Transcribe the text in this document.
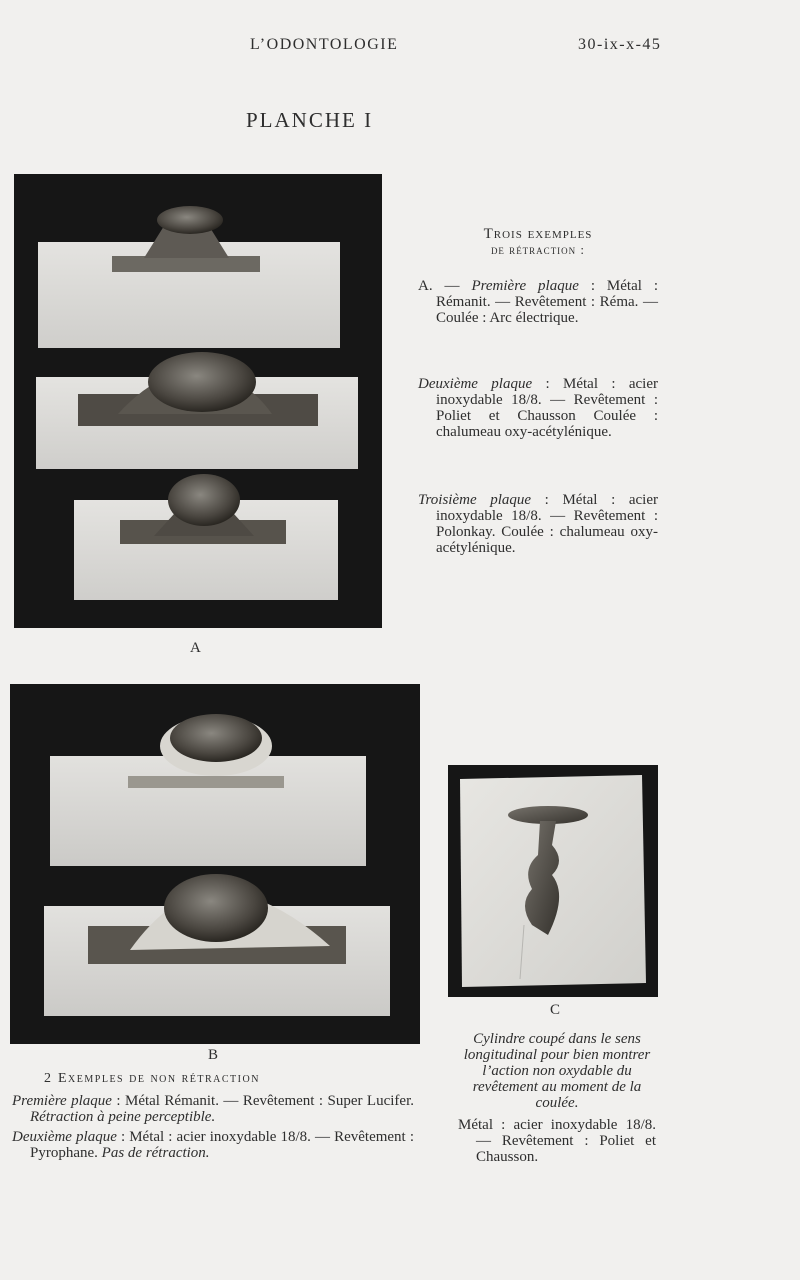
L’ODONTOLOGIE	30-ix-x-45
PLANCHE I
A

Trois exemples

de rétraction :

A. — Première plaque : Métal : Rémanit. — Revêtement : Réma. — Coulée : Arc électrique.

Deuxième plaque : Métal : acier inoxydable 18/8. — Revêtement : Poliet et Chausson Coulée : chalumeau oxy-acétylénique.

Troisième plaque : Métal : acier inoxydable 18/8. — Revêtement : Polonkay. Coulée : chalumeau oxy-acétylénique.

B
2 Exemples de non rétraction

Première plaque : Métal Rémanit. — Revêtement : Super Lucifer. Rétraction à peine perceptible.

Deuxième plaque : Métal : acier inoxydable 18/8. — Revêtement : Pyrophane. Pas de rétraction.

C

Cylindre coupé dans le sens longitudinal pour bien montrer l’action non oxydable du revêtement au moment de la coulée.

Métal : acier inoxydable 18/8. — Revêtement : Poliet et Chausson.
